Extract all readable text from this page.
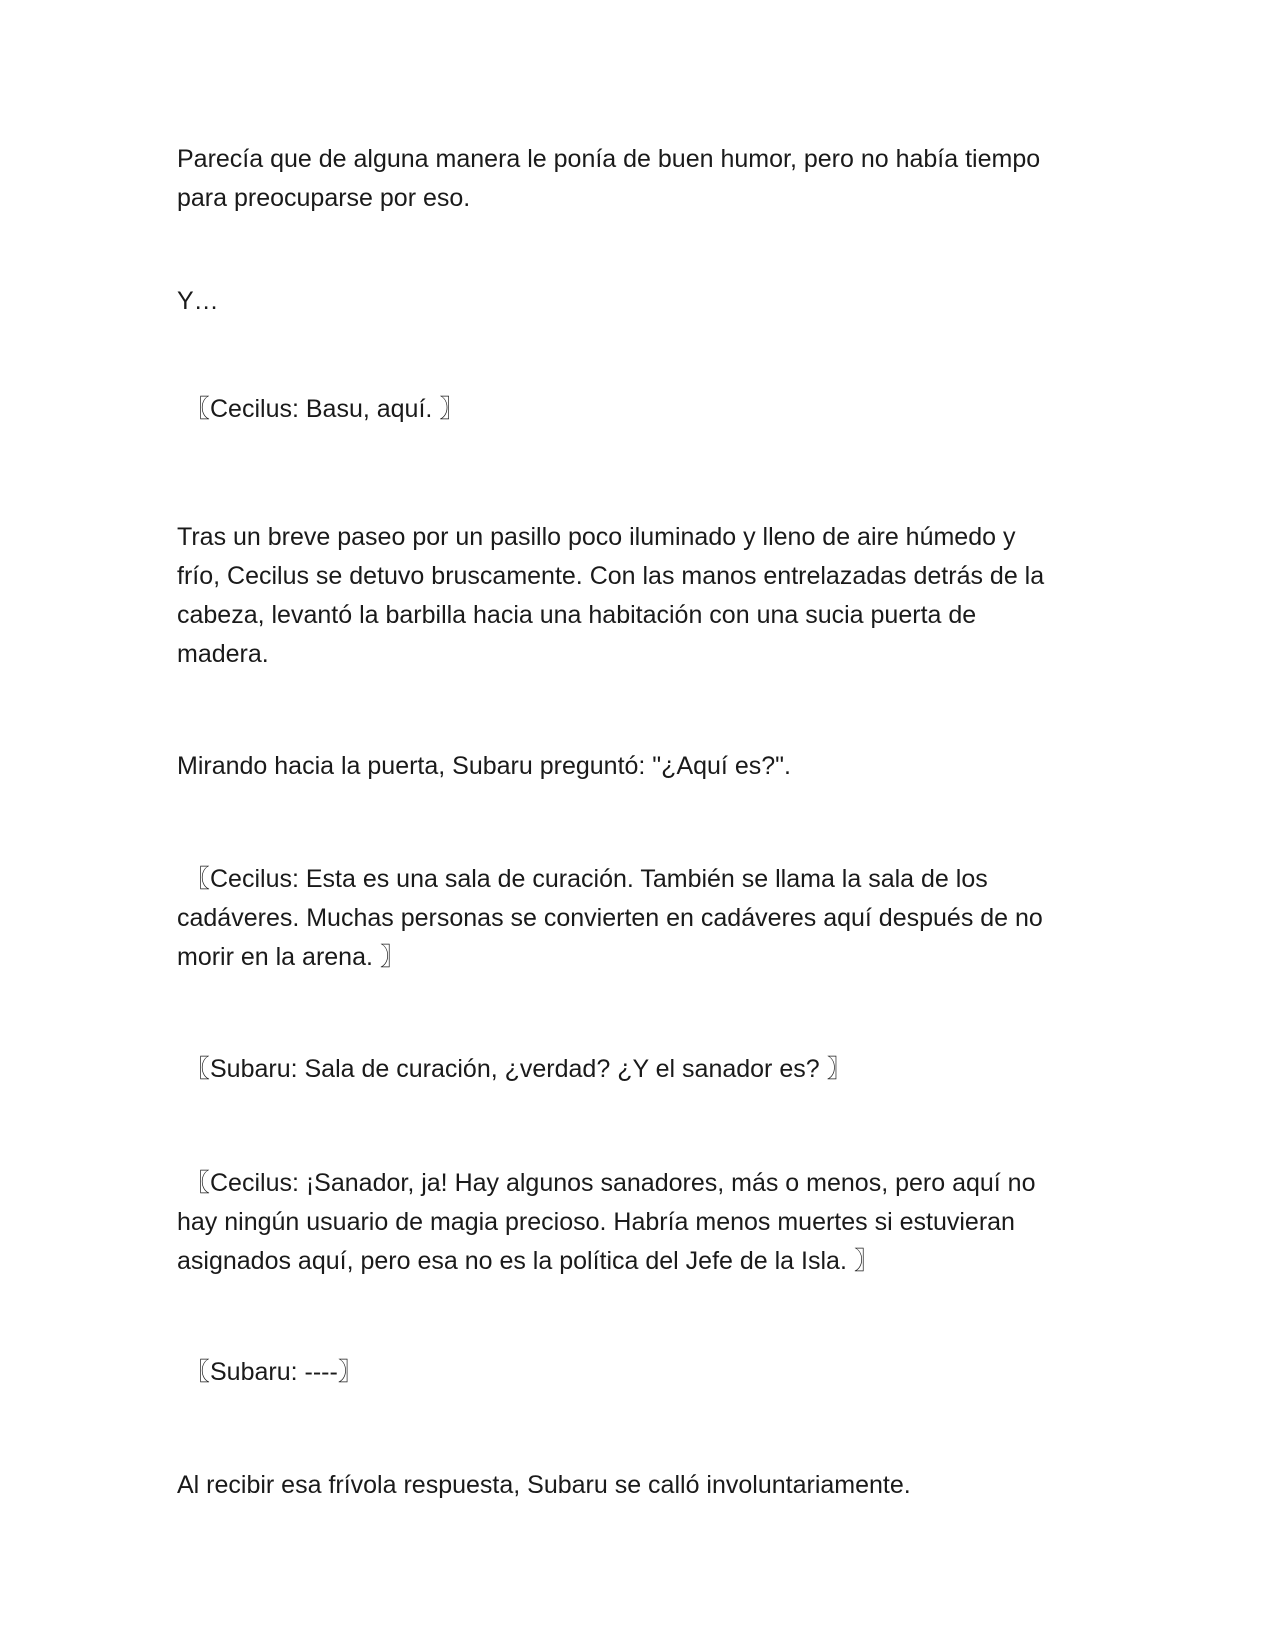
Parecía que de alguna manera le ponía de buen humor, pero no había tiempo
para preocuparse por eso.

Y…

〖Cecilus: Basu, aquí. 〗

Tras un breve paseo por un pasillo poco iluminado y lleno de aire húmedo y
frío, Cecilus se detuvo bruscamente. Con las manos entrelazadas detrás de la
cabeza, levantó la barbilla hacia una habitación con una sucia puerta de
madera.

Mirando hacia la puerta, Subaru preguntó: "¿Aquí es?".

〖Cecilus: Esta es una sala de curación. También se llama la sala de los
cadáveres. Muchas personas se convierten en cadáveres aquí después de no
morir en la arena. 〗

〖Subaru: Sala de curación, ¿verdad? ¿Y el sanador es? 〗

〖Cecilus: ¡Sanador, ja! Hay algunos sanadores, más o menos, pero aquí no
hay ningún usuario de magia precioso. Habría menos muertes si estuvieran
asignados aquí, pero esa no es la política del Jefe de la Isla. 〗

〖Subaru: ----〗

Al recibir esa frívola respuesta, Subaru se calló involuntariamente.
